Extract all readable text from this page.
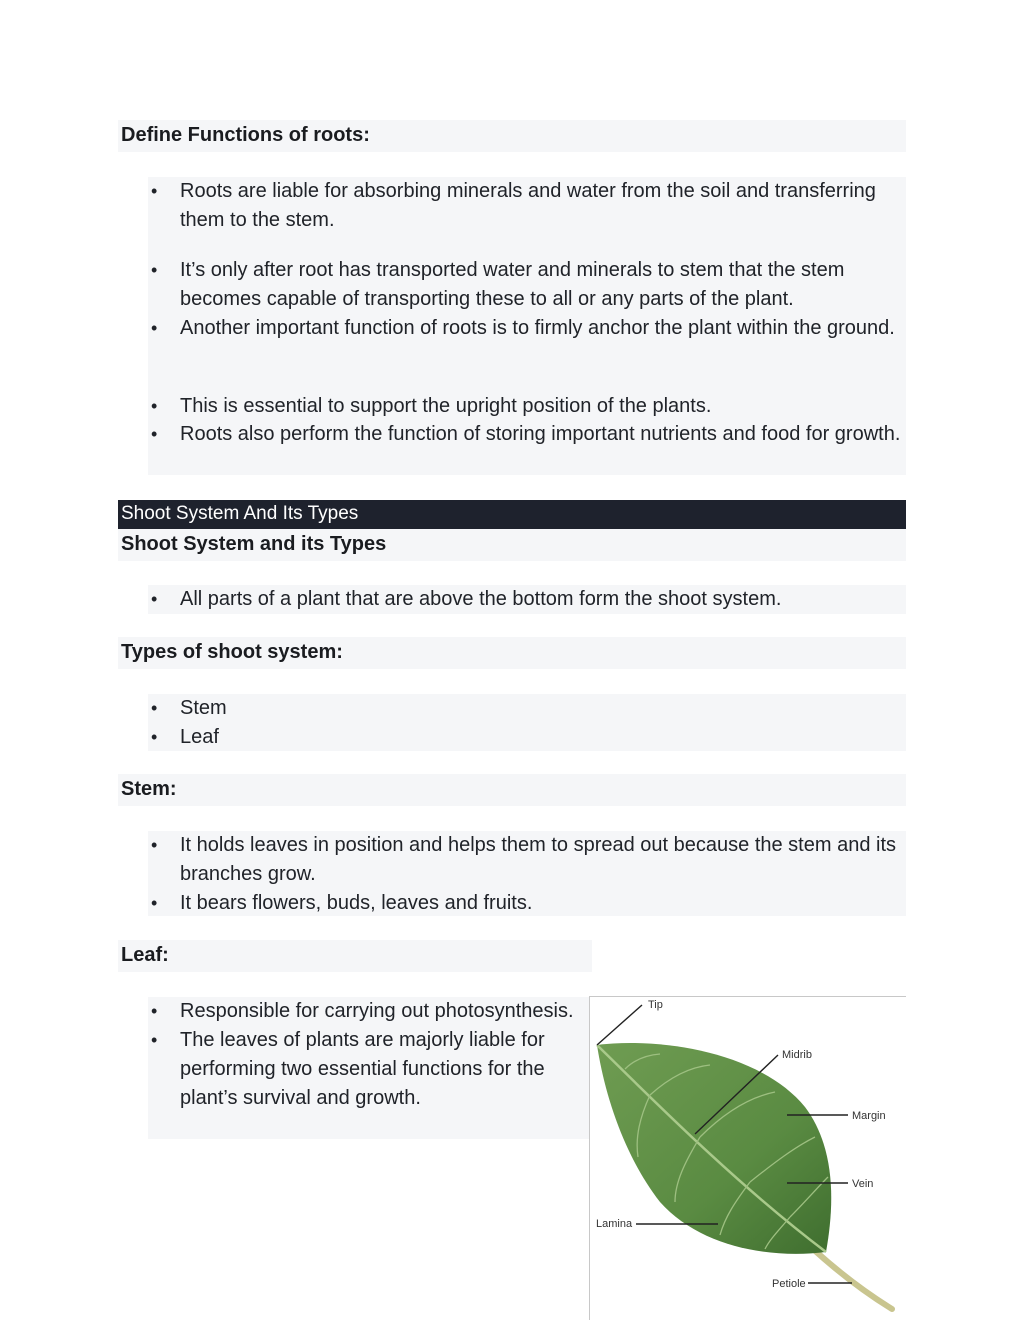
Define Functions of roots:
• Roots are liable for absorbing minerals and water from the soil and transferring them to the stem.
• It’s only after root has transported water and minerals to stem that the stem becomes capable of transporting these to all or any parts of the plant.
• Another important function of roots is to firmly anchor the plant within the ground.
• This is essential to support the upright position of the plants.
• Roots also perform the function of storing important nutrients and food for growth.
Shoot System And Its Types
Shoot System and its Types
• All parts of a plant that are above the bottom form the shoot system.
Types of shoot system:
• Stem
• Leaf
Stem:
• It holds leaves in position and helps them to spread out because the stem and its branches grow.
• It bears flowers, buds, leaves and fruits.
Leaf:
• Responsible for carrying out photosynthesis.
• The leaves of plants are majorly liable for performing two essential functions for the plant’s survival and growth.
Tip
Midrib
Margin
Vein
Lamina
Petiole
